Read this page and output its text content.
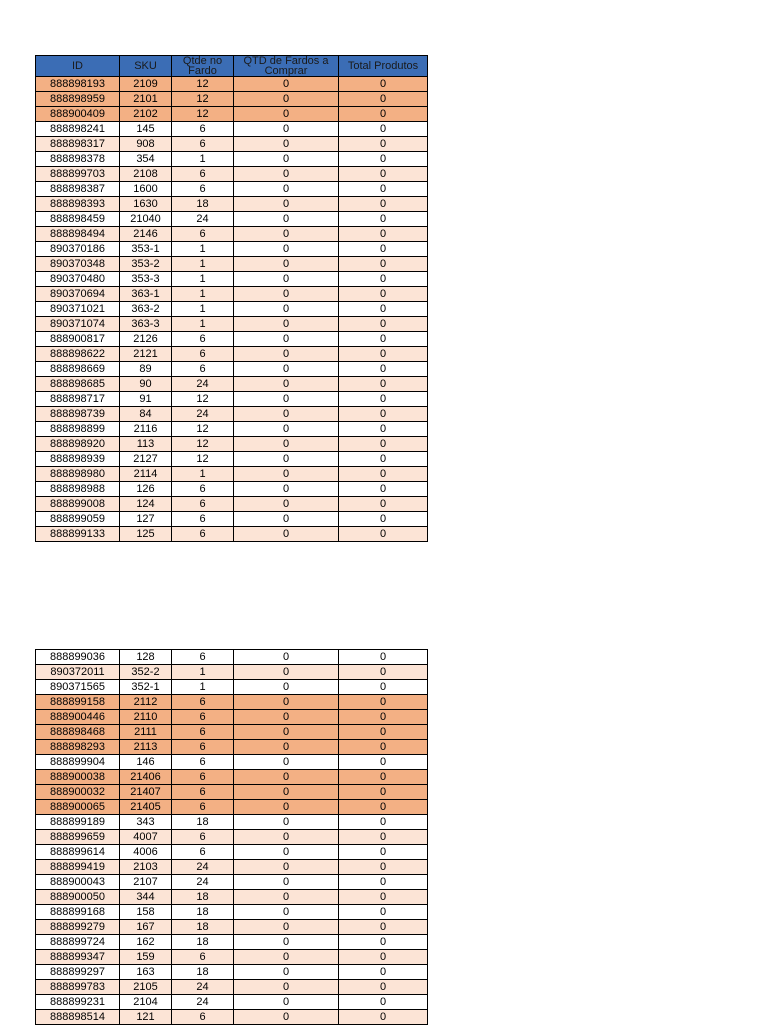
ID	SKU	Qtde no Fardo	QTD de Fardos a Comprar	Total Produtos
888898193	2109	12	0	0
888898959	2101	12	0	0
888900409	2102	12	0	0
888898241	145	6	0	0
888898317	908	6	0	0
888898378	354	1	0	0
888899703	2108	6	0	0
888898387	1600	6	0	0
888898393	1630	18	0	0
888898459	21040	24	0	0
888898494	2146	6	0	0
890370186	353-1	1	0	0
890370348	353-2	1	0	0
890370480	353-3	1	0	0
890370694	363-1	1	0	0
890371021	363-2	1	0	0
890371074	363-3	1	0	0
888900817	2126	6	0	0
888898622	2121	6	0	0
888898669	89	6	0	0
888898685	90	24	0	0
888898717	91	12	0	0
888898739	84	24	0	0
888898899	2116	12	0	0
888898920	113	12	0	0
888898939	2127	12	0	0
888898980	2114	1	0	0
888898988	126	6	0	0
888899008	124	6	0	0
888899059	127	6	0	0
888899133	125	6	0	0
888899036	128	6	0	0
890372011	352-2	1	0	0
890371565	352-1	1	0	0
888899158	2112	6	0	0
888900446	2110	6	0	0
888898468	2111	6	0	0
888898293	2113	6	0	0
888899904	146	6	0	0
888900038	21406	6	0	0
888900032	21407	6	0	0
888900065	21405	6	0	0
888899189	343	18	0	0
888899659	4007	6	0	0
888899614	4006	6	0	0
888899419	2103	24	0	0
888900043	2107	24	0	0
888900050	344	18	0	0
888899168	158	18	0	0
888899279	167	18	0	0
888899724	162	18	0	0
888899347	159	6	0	0
888899297	163	18	0	0
888899783	2105	24	0	0
888899231	2104	24	0	0
888898514	121	6	0	0
